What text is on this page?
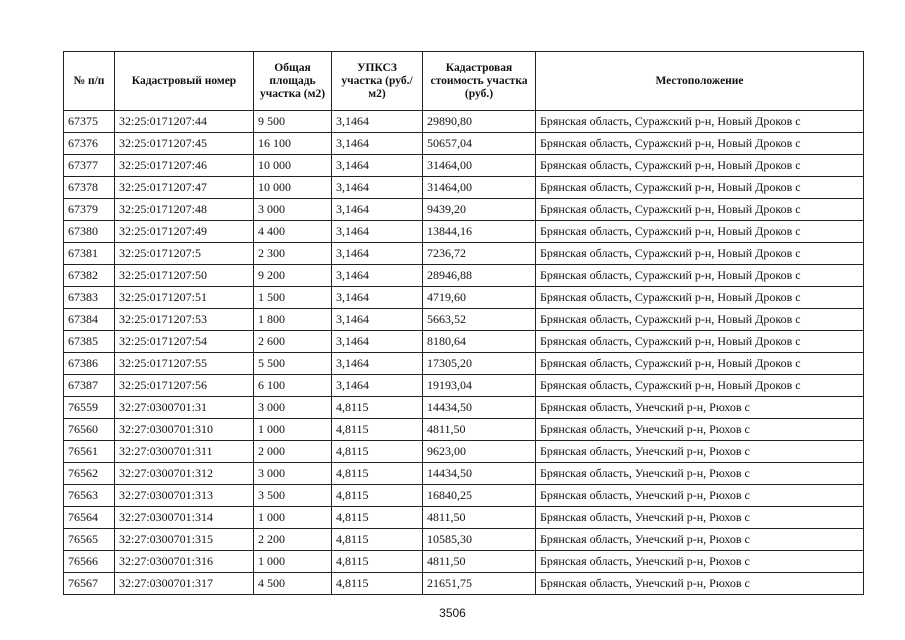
№ п/п	Кадастровый номер	Общая площадь участка (м2)	УПКСЗ участка (руб./м2)	Кадастровая стоимость участка (руб.)	Местоположение
67375	32:25:0171207:44	9 500	3,1464	29890,80	Брянская область, Суражский р-н, Новый Дроков с
67376	32:25:0171207:45	16 100	3,1464	50657,04	Брянская область, Суражский р-н, Новый Дроков с
67377	32:25:0171207:46	10 000	3,1464	31464,00	Брянская область, Суражский р-н, Новый Дроков с
67378	32:25:0171207:47	10 000	3,1464	31464,00	Брянская область, Суражский р-н, Новый Дроков с
67379	32:25:0171207:48	3 000	3,1464	9439,20	Брянская область, Суражский р-н, Новый Дроков с
67380	32:25:0171207:49	4 400	3,1464	13844,16	Брянская область, Суражский р-н, Новый Дроков с
67381	32:25:0171207:5	2 300	3,1464	7236,72	Брянская область, Суражский р-н, Новый Дроков с
67382	32:25:0171207:50	9 200	3,1464	28946,88	Брянская область, Суражский р-н, Новый Дроков с
67383	32:25:0171207:51	1 500	3,1464	4719,60	Брянская область, Суражский р-н, Новый Дроков с
67384	32:25:0171207:53	1 800	3,1464	5663,52	Брянская область, Суражский р-н, Новый Дроков с
67385	32:25:0171207:54	2 600	3,1464	8180,64	Брянская область, Суражский р-н, Новый Дроков с
67386	32:25:0171207:55	5 500	3,1464	17305,20	Брянская область, Суражский р-н, Новый Дроков с
67387	32:25:0171207:56	6 100	3,1464	19193,04	Брянская область, Суражский р-н, Новый Дроков с
76559	32:27:0300701:31	3 000	4,8115	14434,50	Брянская область, Унечский р-н, Рюхов с
76560	32:27:0300701:310	1 000	4,8115	4811,50	Брянская область, Унечский р-н, Рюхов с
76561	32:27:0300701:311	2 000	4,8115	9623,00	Брянская область, Унечский р-н, Рюхов с
76562	32:27:0300701:312	3 000	4,8115	14434,50	Брянская область, Унечский р-н, Рюхов с
76563	32:27:0300701:313	3 500	4,8115	16840,25	Брянская область, Унечский р-н, Рюхов с
76564	32:27:0300701:314	1 000	4,8115	4811,50	Брянская область, Унечский р-н, Рюхов с
76565	32:27:0300701:315	2 200	4,8115	10585,30	Брянская область, Унечский р-н, Рюхов с
76566	32:27:0300701:316	1 000	4,8115	4811,50	Брянская область, Унечский р-н, Рюхов с
76567	32:27:0300701:317	4 500	4,8115	21651,75	Брянская область, Унечский р-н, Рюхов с
3506
